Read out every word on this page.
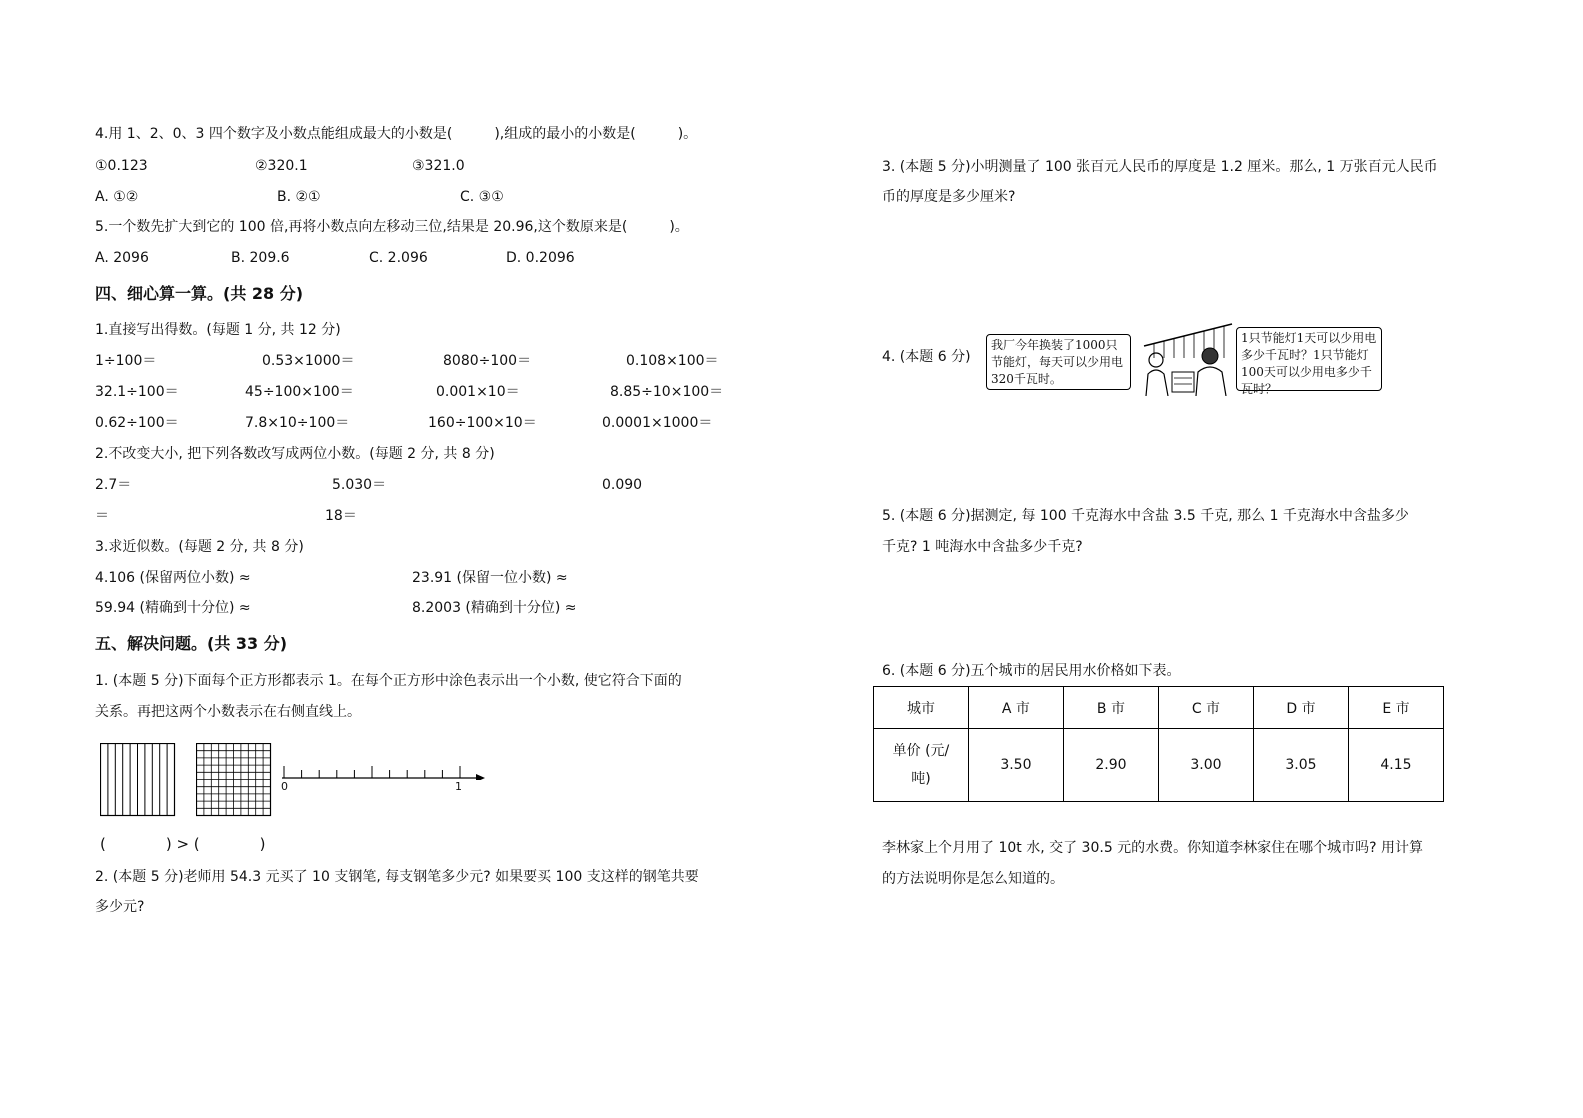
4.用 1、2、0、3 四个数字及小数点能组成最大的小数是(　　　),组成的最小的小数是(　　　)。
①0.123	②320.1	③321.0
A. ①②	B. ②①	C. ③①
5.一个数先扩大到它的 100 倍,再将小数点向左移动三位,结果是 20.96,这个数原来是(　　　)。
A. 2096	B. 209.6	C. 2.096	D. 0.2096
四、细心算一算。(共 28 分)
1.直接写出得数。(每题 1 分, 共 12 分)
1÷100＝	0.53×1000＝	8080÷100＝	0.108×100＝
32.1÷100＝	45÷100×100＝	0.001×10＝	8.85÷10×100＝
0.62÷100＝	7.8×10÷100＝	160÷100×10＝	0.0001×1000＝
2.不改变大小, 把下列各数改写成两位小数。(每题 2 分, 共 8 分)
2.7＝	5.030＝	0.090
＝	18＝
3.求近似数。(每题 2 分, 共 8 分)
4.106 (保留两位小数) ≈	23.91 (保留一位小数) ≈
59.94 (精确到十分位) ≈	8.2003 (精确到十分位) ≈
五、解决问题。(共 33 分)
1. (本题 5 分)下面每个正方形都表示 1。在每个正方形中涂色表示出一个小数, 使它符合下面的
关系。再把这两个小数表示在右侧直线上。
0	1
(　　　　) > (　　　　)
2. (本题 5 分)老师用 54.3 元买了 10 支钢笔, 每支钢笔多少元? 如果要买 100 支这样的钢笔共要
多少元?
3. (本题 5 分)小明测量了 100 张百元人民币的厚度是 1.2 厘米。那么, 1 万张百元人民币
币的厚度是多少厘米?
4. (本题 6 分)
我厂今年换装了1000只节能灯，每天可以少用电320千瓦时。
1只节能灯1天可以少用电多少千瓦时？1只节能灯100天可以少用电多少千瓦时？
5. (本题 6 分)据测定, 每 100 千克海水中含盐 3.5 千克, 那么 1 千克海水中含盐多少
千克? 1 吨海水中含盐多少千克?
6. (本题 6 分)五个城市的居民用水价格如下表。
城市	A 市	B 市	C 市	D 市	E 市

单价 (元/
吨)	3.50	2.90	3.00	3.05	4.15
李林家上个月用了 10t 水, 交了 30.5 元的水费。你知道李林家住在哪个城市吗? 用计算
的方法说明你是怎么知道的。
